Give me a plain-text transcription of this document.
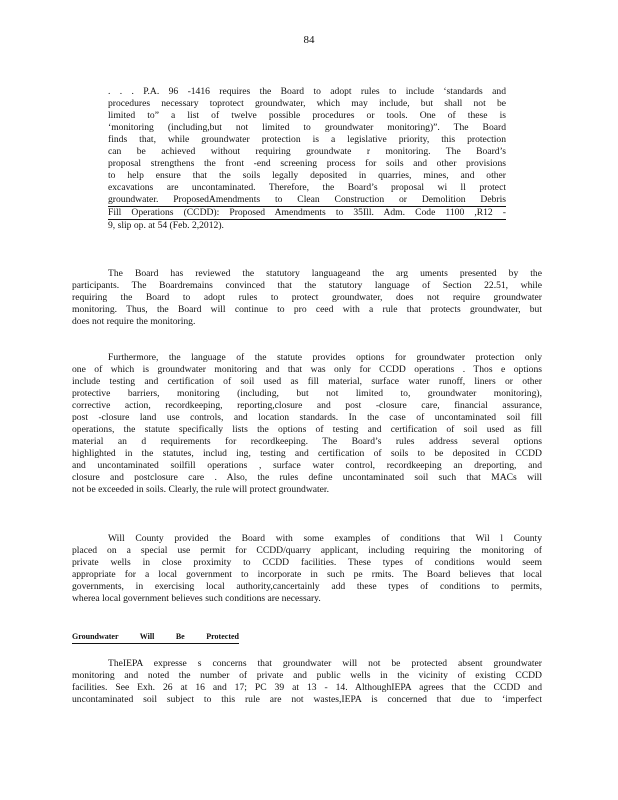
84
. . . P.A. 96 -1416 requires the Board to adopt rules to include ‘standards and
procedures necessary toprotect groundwater, which may include, but shall not be
limited to” a list of twelve possible procedures or tools. One of these is
‘monitoring (including,but not limited to groundwater monitoring)”. The Board
finds that, while groundwater protection is a legislative priority, this protection
can be achieved without requiring groundwate r monitoring. The Board’s
proposal strengthens the front -end screening process for soils and other provisions
to help ensure that the soils legally deposited in quarries, mines, and other
excavations are uncontaminated. Therefore, the Board’s proposal wi ll protect
groundwater. ProposedAmendments to Clean Construction or Demolition Debris
Fill Operations (CCDD): Proposed Amendments to 35Ill. Adm. Code 1100 ,R12 -
9, slip op. at 54 (Feb. 2,2012).
The Board has reviewed the statutory languageand the arg uments presented by the
participants. The Boardremains convinced that the statutory language of Section 22.51, while
requiring the Board to adopt rules to protect groundwater, does not require groundwater
monitoring. Thus, the Board will continue to pro ceed with a rule that protects groundwater, but
does not require the monitoring.
Furthermore, the language of the statute provides options for groundwater protection only
one of which is groundwater monitoring and that was only for CCDD operations . Thos e options
include testing and certification of soil used as fill material, surface water runoff, liners or other
protective barriers, monitoring (including, but not limited to, groundwater monitoring),
corrective action, recordkeeping, reporting,closure and post -closure care, financial assurance,
post -closure land use controls, and location standards. In the case of uncontaminated soil fill
operations, the statute specifically lists the options of testing and certification of soil used as fill
material an d requirements for recordkeeping. The Board’s rules address several options
highlighted in the statutes, includ ing, testing and certification of soils to be deposited in CCDD
and uncontaminated soilfill operations , surface water control, recordkeeping an dreporting, and
closure and postclosure care . Also, the rules define uncontaminated soil such that MACs will
not be exceeded in soils. Clearly, the rule will protect groundwater.
Will County provided the Board with some examples of conditions that Wil l County
placed on a special use permit for CCDD/quarry applicant, including requiring the monitoring of
private wells in close proximity to CCDD facilities. These types of conditions would seem
appropriate for a local government to incorporate in such pe rmits. The Board believes that local
governments, in exercising local authority,cancertainly add these types of conditions to permits,
wherea local government believes such conditions are necessary.
Groundwater Will Be Protected
TheIEPA expresse s concerns that groundwater will not be protected absent groundwater
monitoring and noted the number of private and public wells in the vicinity of existing CCDD
facilities. See Exh. 26 at 16 and 17; PC 39 at 13 - 14. AlthoughIEPA agrees that the CCDD and
uncontaminated soil subject to this rule are not wastes,IEPA is concerned that due to ‘imperfect
